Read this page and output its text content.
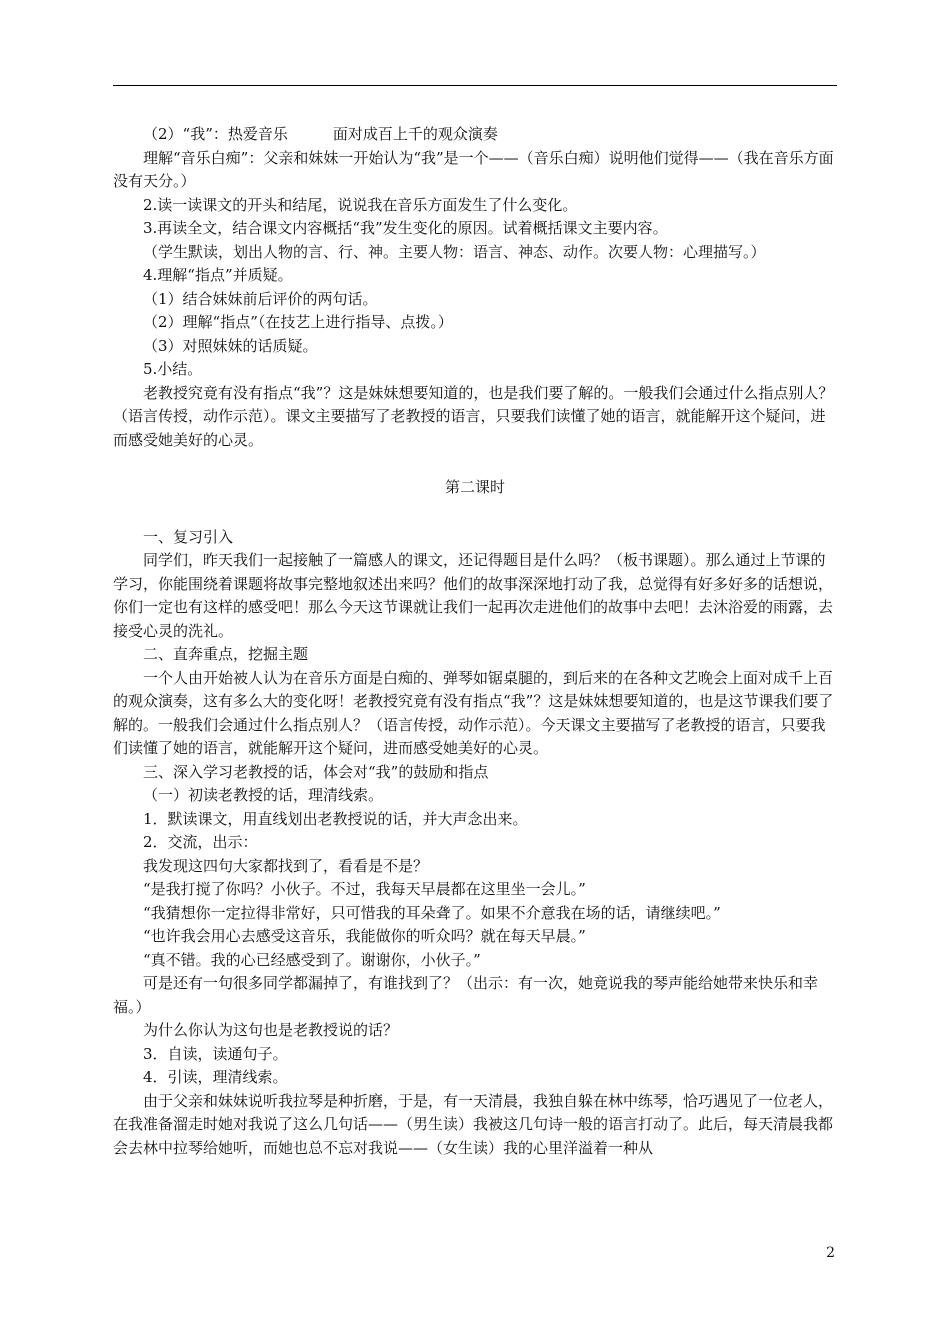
（2）“我”：热爱音乐　　　面对成百上千的观众演奏

理解“音乐白痴”：父亲和妹妹一开始认为“我”是一个——（音乐白痴）说明他们觉得——（我在音乐方面没有天分。）

2.读一读课文的开头和结尾，说说我在音乐方面发生了什么变化。

3.再读全文，结合课文内容概括“我”发生变化的原因。试着概括课文主要内容。

（学生默读，划出人物的言、行、神。主要人物：语言、神态、动作。次要人物：心理描写。）

4.理解“指点”并质疑。

（1）结合妹妹前后评价的两句话。

（2）理解“指点”（在技艺上进行指导、点拨。）

（3）对照妹妹的话质疑。

5.小结。

老教授究竟有没有指点“我”？这是妹妹想要知道的，也是我们要了解的。一般我们会通过什么指点别人？（语言传授，动作示范）。课文主要描写了老教授的语言，只要我们读懂了她的语言，就能解开这个疑问，进而感受她美好的心灵。

第二课时

一、复习引入

同学们，昨天我们一起接触了一篇感人的课文，还记得题目是什么吗？（板书课题）。那么通过上节课的学习，你能围绕着课题将故事完整地叙述出来吗？他们的故事深深地打动了我，总觉得有好多好多的话想说，你们一定也有这样的感受吧！那么今天这节课就让我们一起再次走进他们的故事中去吧！去沐浴爱的雨露，去接受心灵的洗礼。

二、直奔重点，挖掘主题

一个人由开始被人认为在音乐方面是白痴的、弹琴如锯桌腿的，到后来的在各种文艺晚会上面对成千上百的观众演奏，这有多么大的变化呀！老教授究竟有没有指点“我”？这是妹妹想要知道的，也是这节课我们要了解的。一般我们会通过什么指点别人？（语言传授，动作示范）。今天课文主要描写了老教授的语言，只要我们读懂了她的语言，就能解开这个疑问，进而感受她美好的心灵。

三、深入学习老教授的话，体会对“我”的鼓励和指点

（一）初读老教授的话，理清线索。

1．默读课文，用直线划出老教授说的话，并大声念出来。

2．交流，出示：

我发现这四句大家都找到了，看看是不是？

“是我打搅了你吗？小伙子。不过，我每天早晨都在这里坐一会儿。”

“我猜想你一定拉得非常好，只可惜我的耳朵聋了。如果不介意我在场的话，请继续吧。”

“也许我会用心去感受这音乐，我能做你的听众吗？就在每天早晨。”

“真不错。我的心已经感受到了。谢谢你，小伙子。”

可是还有一句很多同学都漏掉了，有谁找到了？（出示：有一次，她竟说我的琴声能给她带来快乐和幸福。）

为什么你认为这句也是老教授说的话？

3．自读，读通句子。

4．引读，理清线索。

由于父亲和妹妹说听我拉琴是种折磨，于是，有一天清晨，我独自躲在林中练琴，恰巧遇见了一位老人，在我准备溜走时她对我说了这么几句话——（男生读）我被这几句诗一般的语言打动了。此后，每天清晨我都会去林中拉琴给她听，而她也总不忘对我说——（女生读）我的心里洋溢着一种从

2
